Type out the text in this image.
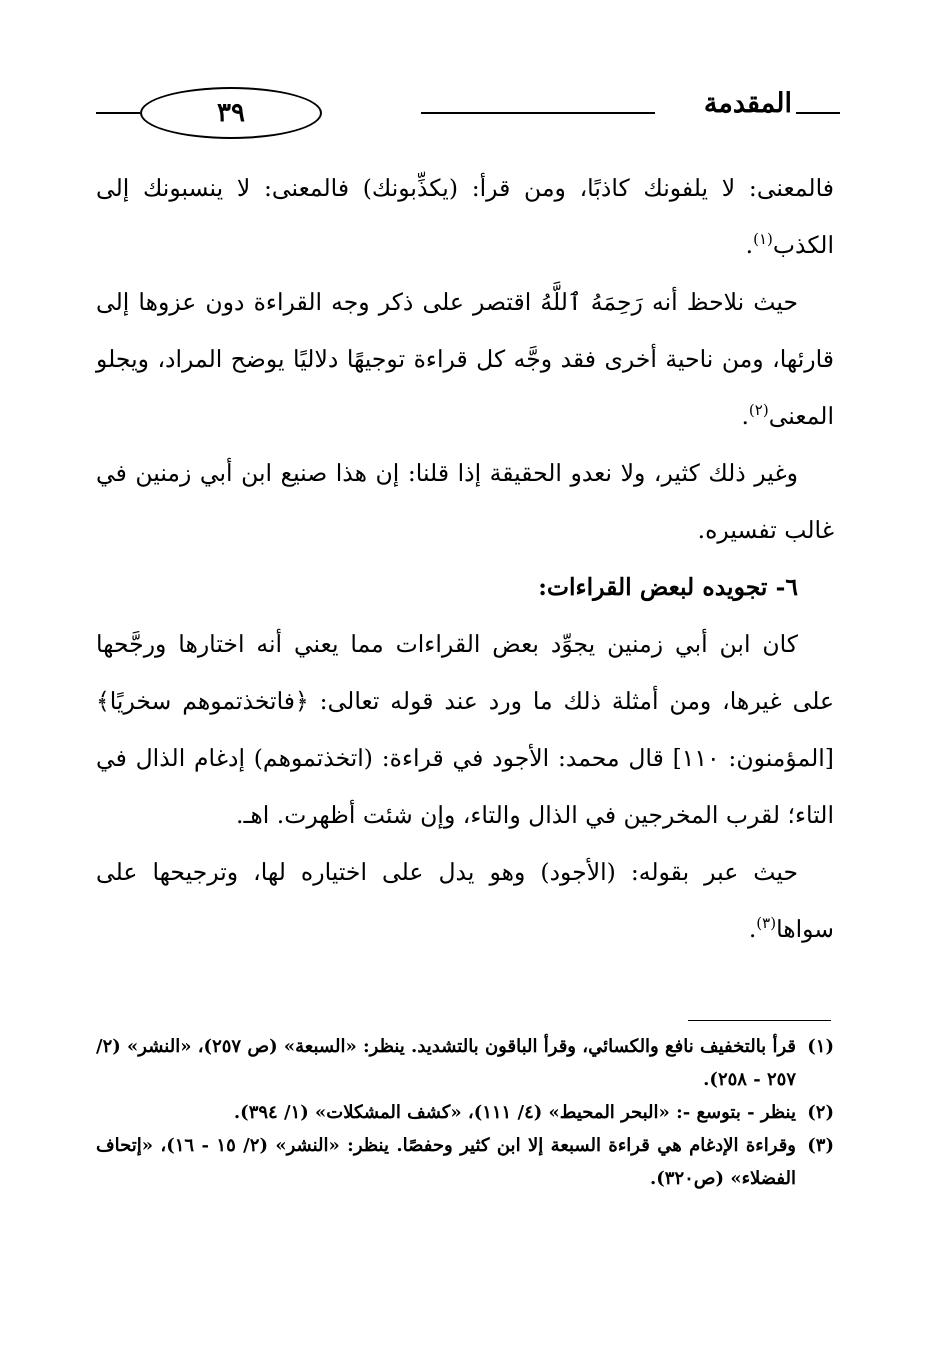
٣٩	المقدمة

فالمعنى: لا يلفونك كاذبًا، ومن قرأ: (يكذِّبونك) فالمعنى: لا ينسبونك إلى الكذب$^{(١)}$.

حيث نلاحظ أنه رَحِمَهُ ٱللَّهُ اقتصر على ذكر وجه القراءة دون عزوها إلى قارئها، ومن ناحية أخرى فقد وجَّه كل قراءة توجيهًا دلاليًا يوضح المراد، ويجلو المعنى$^{(٢)}$.

وغير ذلك كثير، ولا نعدو الحقيقة إذا قلنا: إن هذا صنيع ابن أبي زمنين في غالب تفسيره.

٦- تجويده لبعض القراءات:

كان ابن أبي زمنين يجوِّد بعض القراءات مما يعني أنه اختارها ورجَّحها على غيرها، ومن أمثلة ذلك ما ورد عند قوله تعالى: ﴿فاتخذتموهم سخريًا﴾ [المؤمنون: ١١٠] قال محمد: الأجود في قراءة: (اتخذتموهم) إدغام الذال في التاء؛ لقرب المخرجين في الذال والتاء، وإن شئت أظهرت. اهـ.

حيث عبر بقوله: (الأجود) وهو يدل على اختياره لها، وترجيحها على سواها$^{(٣)}$.

(١)
قرأ بالتخفيف نافع والكسائي، وقرأ الباقون بالتشديد. ينظر: «السبعة» (ص ٢٥٧)، «النشر» (٢/ ٢٥٧ - ٢٥٨).
(٢)
ينظر - بتوسع -: «البحر المحيط» (٤/ ١١١)، «كشف المشكلات» (١/ ٣٩٤).
(٣)
وقراءة الإدغام هي قراءة السبعة إلا ابن كثير وحفصًا. ينظر: «النشر» (٢/ ١٥ - ١٦)، «إتحاف الفضلاء» (ص٣٢٠).
